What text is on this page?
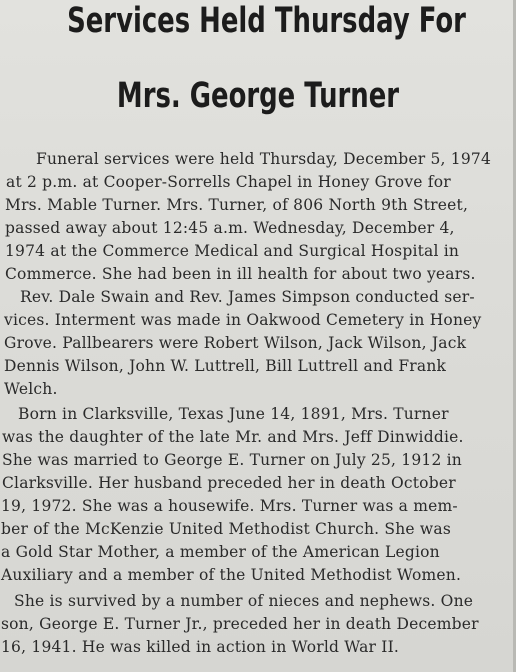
Services Held Thursday For
Mrs. George Turner
Funeral services were held Thursday, December 5, 1974
at 2 p.m. at Cooper-Sorrells Chapel in Honey Grove for
Mrs. Mable Turner. Mrs. Turner, of 806 North 9th Street,
passed away about 12:45 a.m. Wednesday, December 4,
1974 at the Commerce Medical and Surgical Hospital in
Commerce. She had been in ill health for about two years.
Rev. Dale Swain and Rev. James Simpson conducted ser-
vices. Interment was made in Oakwood Cemetery in Honey
Grove. Pallbearers were Robert Wilson, Jack Wilson, Jack
Dennis Wilson, John W. Luttrell, Bill Luttrell and Frank
Welch.
Born in Clarksville, Texas June 14, 1891, Mrs. Turner
was the daughter of the late Mr. and Mrs. Jeff Dinwiddie.
She was married to George E. Turner on July 25, 1912 in
Clarksville. Her husband preceded her in death October
19, 1972. She was a housewife. Mrs. Turner was a mem-
ber of the McKenzie United Methodist Church. She was
a Gold Star Mother, a member of the American Legion
Auxiliary and a member of the United Methodist Women.
She is survived by a number of nieces and nephews. One
son, George E. Turner Jr., preceded her in death December
16, 1941. He was killed in action in World War II.
